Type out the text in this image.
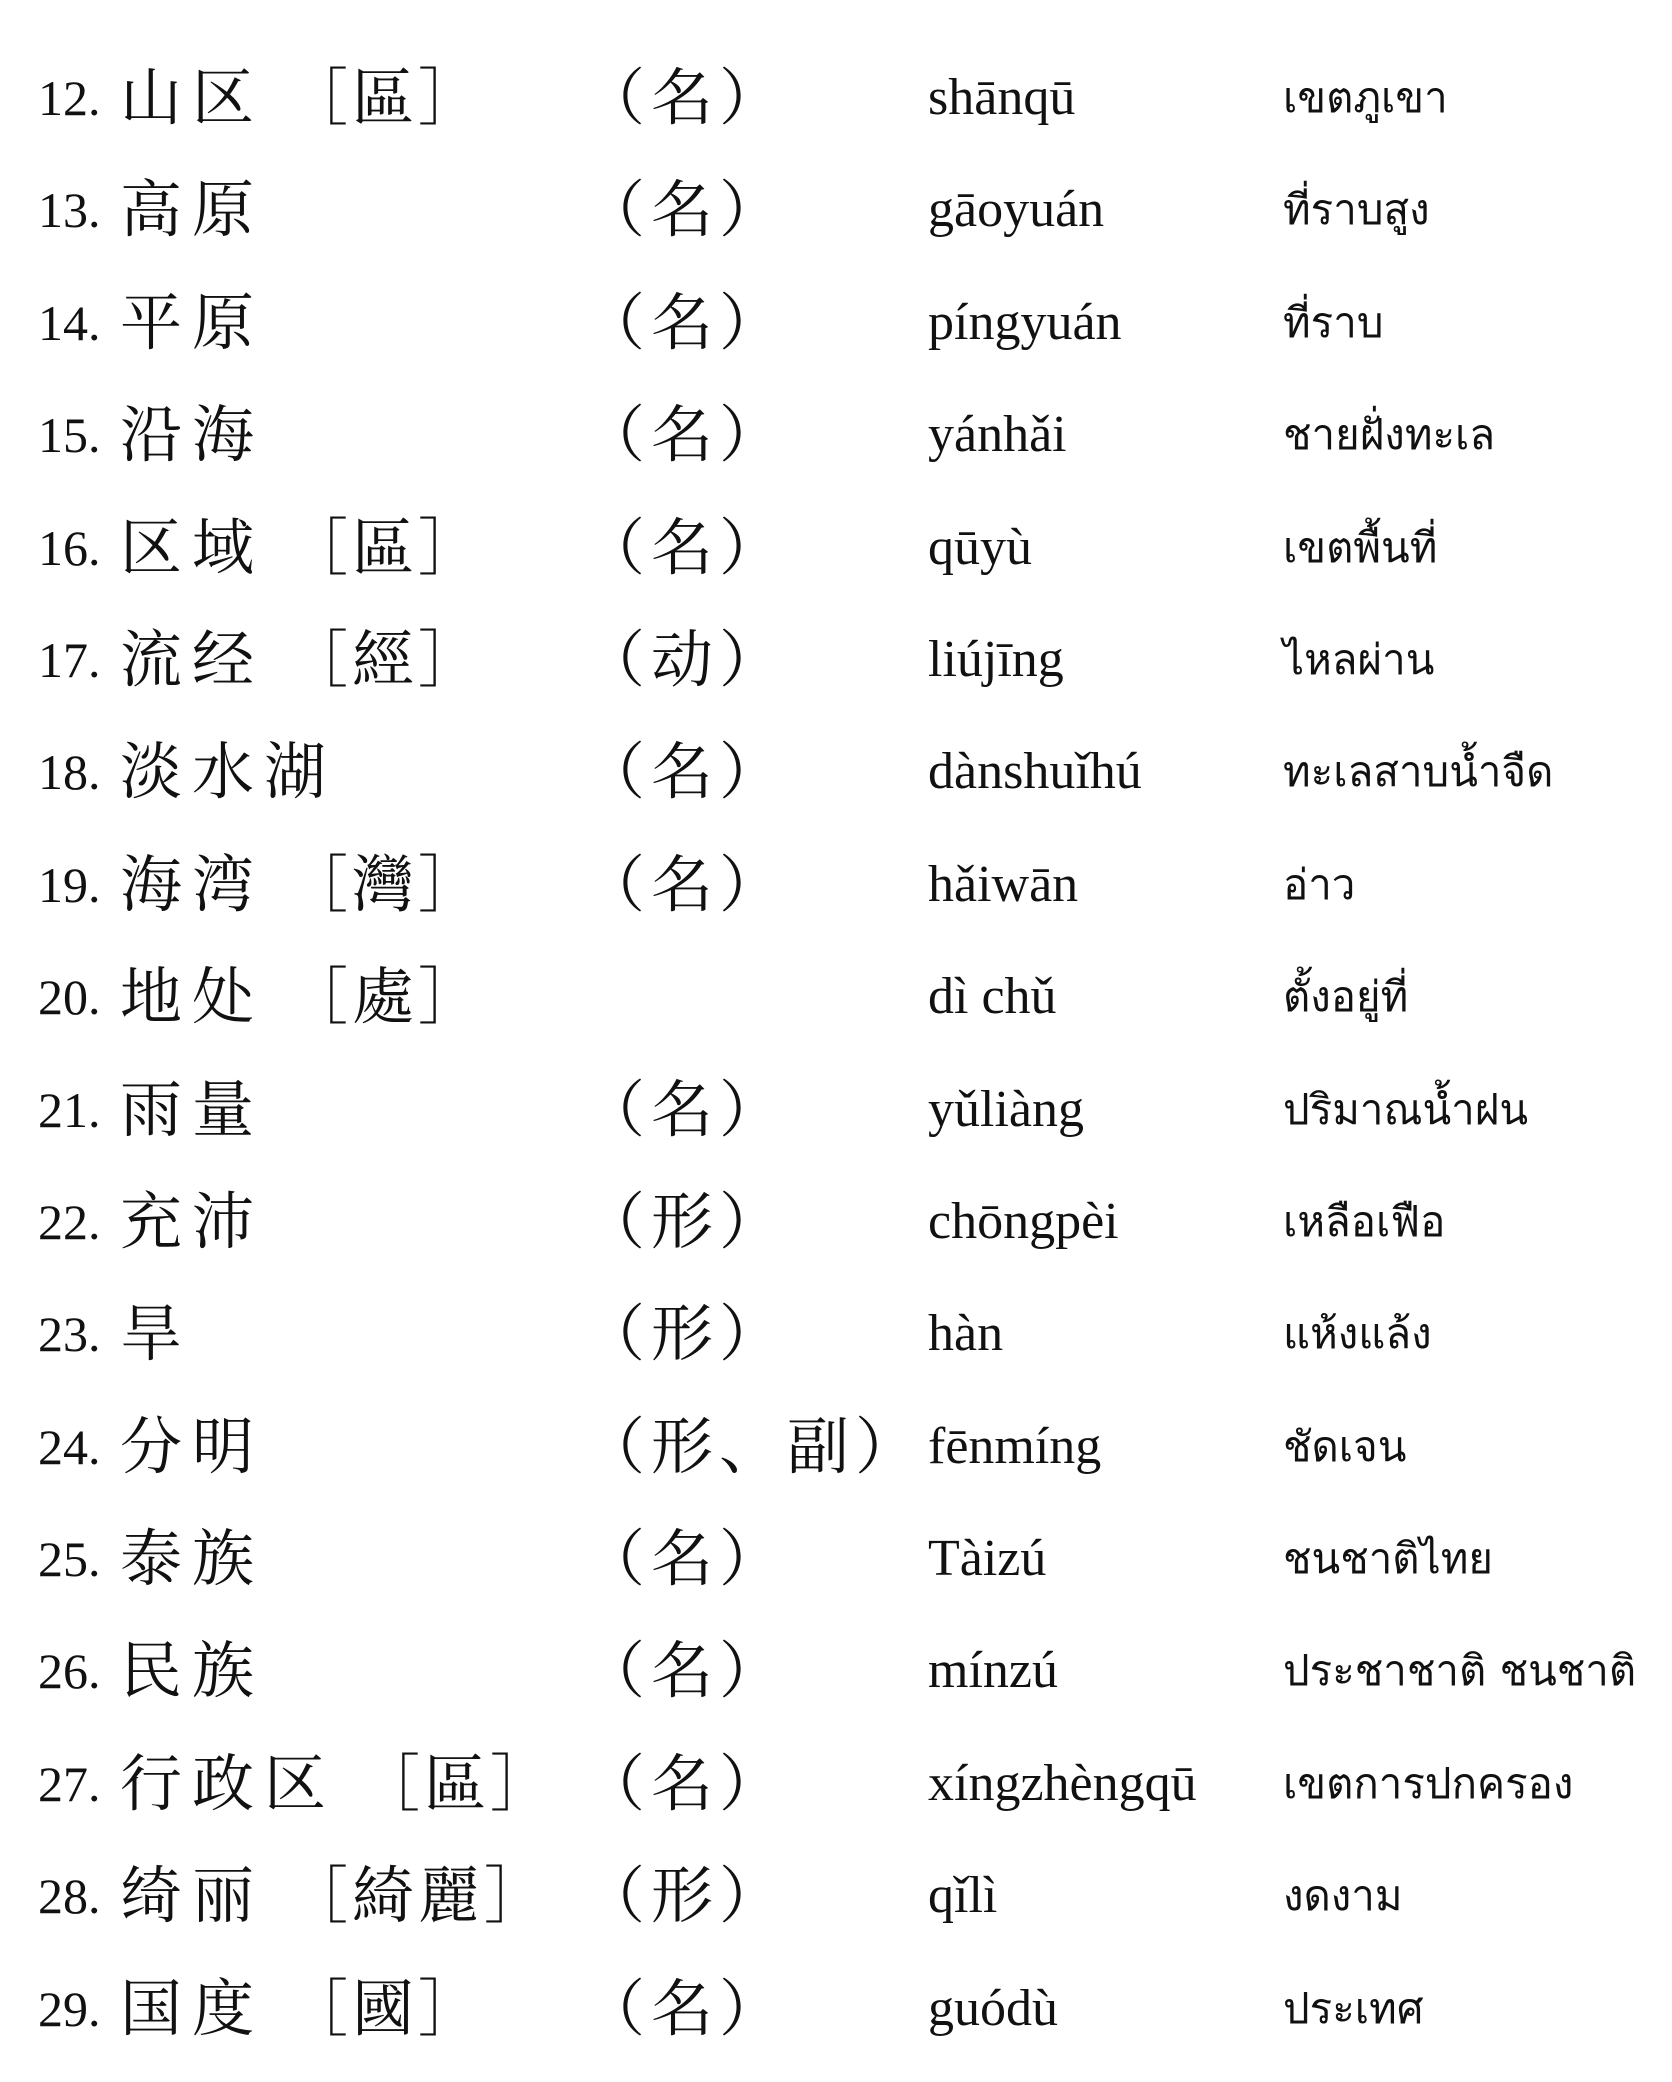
12. 山区 ［區］ （名）	shānqū	เขตภูเขา
13. 高原	（名）	gāoyuán	ที่ราบสูง
14. 平原	（名）	píngyuán	ที่ราบ
15. 沿海	（名）	yánhǎi	ชายฝั่งทะเล
16. 区域 ［區］ （名）	qūyù	เขตพื้นที่
17. 流经 ［經］ （动）	liújīng	ไหลผ่าน
18. 淡水湖	（名）	dànshuǐhú	ทะเลสาบน้ำจืด
19. 海湾 ［灣］ （名）	hǎiwān	อ่าว
20. 地处 ［處］	dì chǔ	ตั้งอยู่ที่
21. 雨量	（名）	yǔliàng	ปริมาณน้ำฝน
22. 充沛	（形）	chōngpèi	เหลือเฟือ
23. 旱	（形）	hàn	แห้งแล้ง
24. 分明	（形、副） fēnmíng	ชัดเจน
25. 泰族	（名）	Tàizú	ชนชาติไทย
26. 民族	（名）	mínzú	ประชาชาติ ชนชาติ
27. 行政区 ［區］ （名）	xíngzhèngqū เขตการปกครอง
28. 绮丽 ［綺麗］ （形）	qǐlì	งดงาม
29. 国度 ［國］ （名）	guódù	ประเทศ
